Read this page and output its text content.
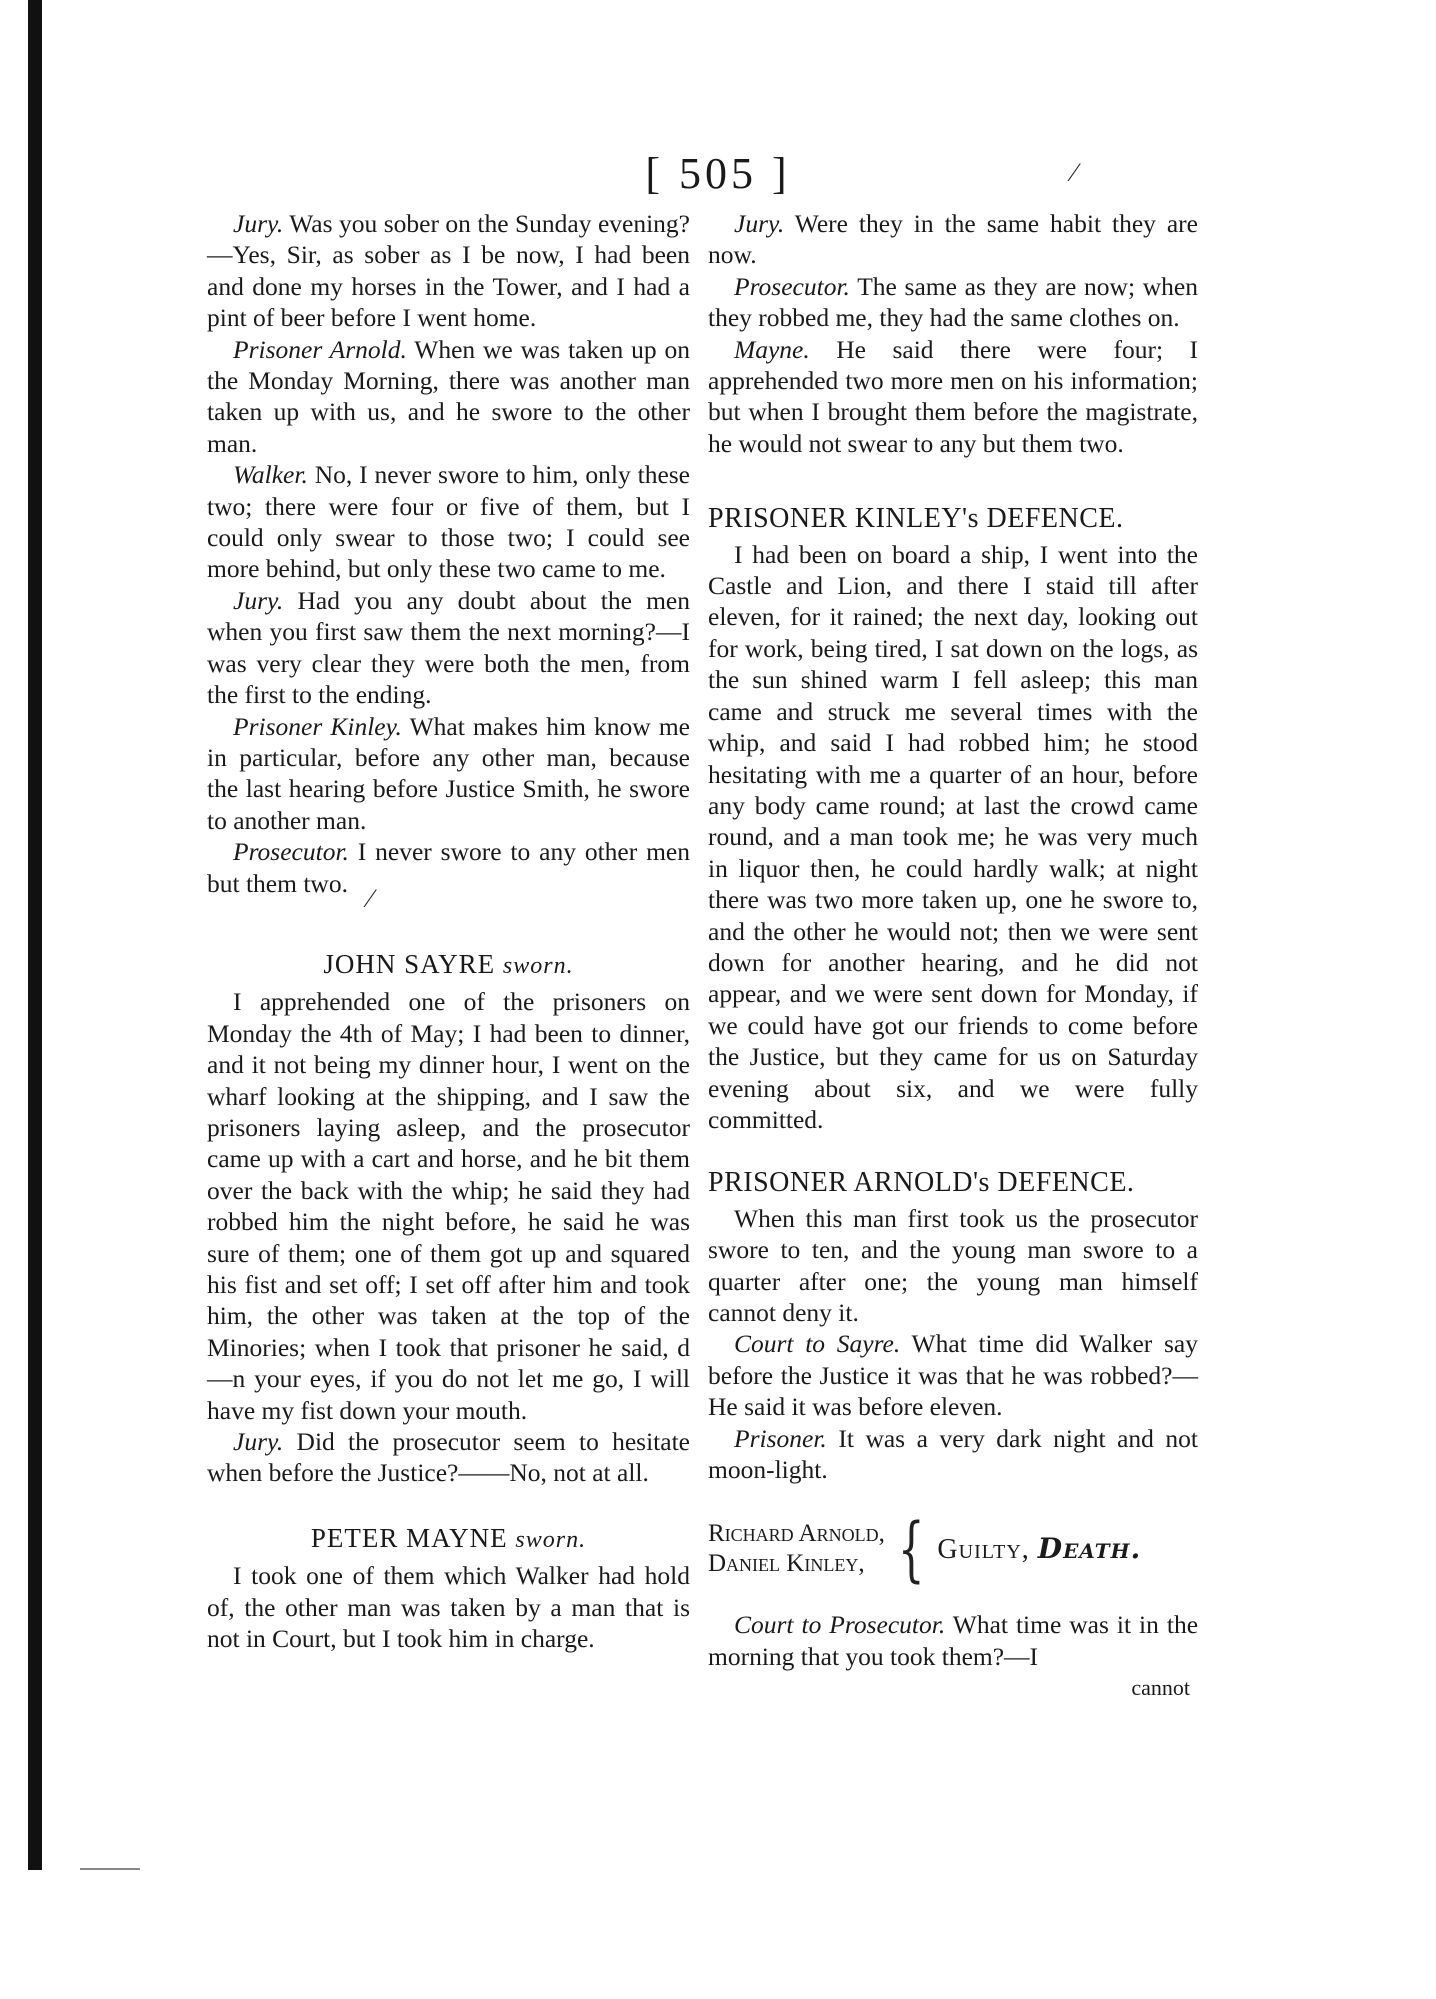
[ 505 ]	⁄
⁄

Jury. Was you sober on the Sunday evening?—Yes, Sir, as sober as I be now, I had been and done my horses in the Tower, and I had a pint of beer before I went home.

Prisoner Arnold. When we was taken up on the Monday Morning, there was another man taken up with us, and he swore to the other man.

Walker. No, I never swore to him, only these two; there were four or five of them, but I could only swear to those two; I could see more behind, but only these two came to me.

Jury. Had you any doubt about the men when you first saw them the next morning?—I was very clear they were both the men, from the first to the ending.

Prisoner Kinley. What makes him know me in particular, before any other man, because the last hearing before Justice Smith, he swore to another man.

Prosecutor. I never swore to any other men but them two.

JOHN SAYRE sworn.

I apprehended one of the prisoners on Monday the 4th of May; I had been to dinner, and it not being my dinner hour, I went on the wharf looking at the shipping, and I saw the prisoners laying asleep, and the prosecutor came up with a cart and horse, and he bit them over the back with the whip; he said they had robbed him the night before, he said he was sure of them; one of them got up and squared his fist and set off; I set off after him and took him, the other was taken at the top of the Minories; when I took that prisoner he said, d—n your eyes, if you do not let me go, I will have my fist down your mouth.

Jury. Did the prosecutor seem to hesitate when before the Justice?——No, not at all.

PETER MAYNE sworn.

I took one of them which Walker had hold of, the other man was taken by a man that is not in Court, but I took him in charge.

Jury. Were they in the same habit they are now.

Prosecutor. The same as they are now; when they robbed me, they had the same clothes on.

Mayne. He said there were four; I apprehended two more men on his information; but when I brought them before the magistrate, he would not swear to any but them two.

PRISONER KINLEY's DEFENCE.

I had been on board a ship, I went into the Castle and Lion, and there I staid till after eleven, for it rained; the next day, looking out for work, being tired, I sat down on the logs, as the sun shined warm I fell asleep; this man came and struck me several times with the whip, and said I had robbed him; he stood hesitating with me a quarter of an hour, before any body came round; at last the crowd came round, and a man took me; he was very much in liquor then, he could hardly walk; at night there was two more taken up, one he swore to, and the other he would not; then we were sent down for another hearing, and he did not appear, and we were sent down for Monday, if we could have got our friends to come before the Justice, but they came for us on Saturday evening about six, and we were fully committed.

PRISONER ARNOLD's DEFENCE.

When this man first took us the prosecutor swore to ten, and the young man swore to a quarter after one; the young man himself cannot deny it.

Court to Sayre. What time did Walker say before the Justice it was that he was robbed?—He said it was before eleven.

Prisoner. It was a very dark night and not moon-light.

Richard Arnold,
Daniel Kinley, { Guilty, Death.

Court to Prosecutor. What time was it in the morning that you took them?—I

cannot
